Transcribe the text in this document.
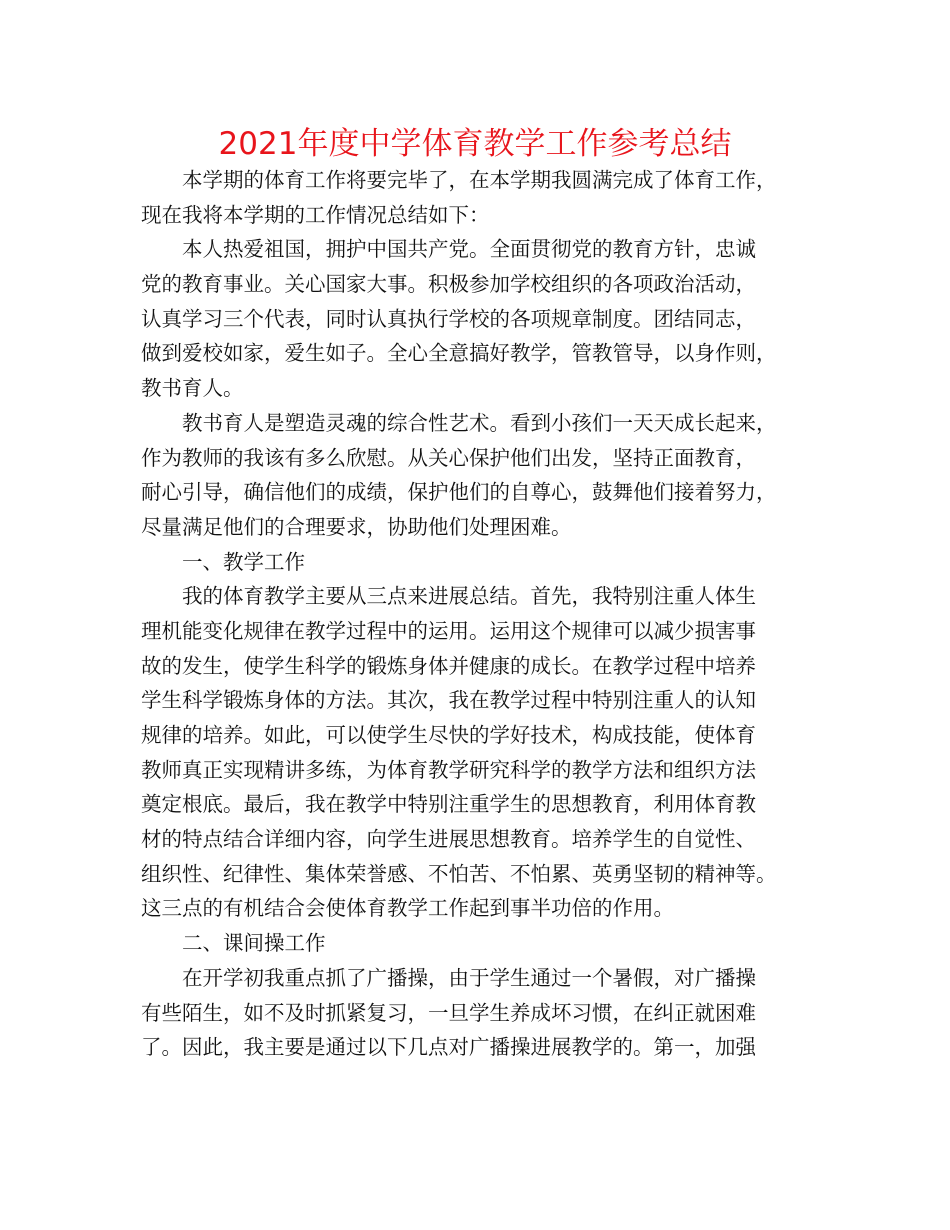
2021年度中学体育教学工作参考总结
本学期的体育工作将要完毕了，在本学期我圆满完成了体育工作，
现在我将本学期的工作情况总结如下：
本人热爱祖国，拥护中国共产党。全面贯彻党的教育方针，忠诚
党的教育事业。关心国家大事。积极参加学校组织的各项政治活动，
认真学习三个代表，同时认真执行学校的各项规章制度。团结同志，
做到爱校如家，爱生如子。全心全意搞好教学，管教管导，以身作则，
教书育人。
教书育人是塑造灵魂的综合性艺术。看到小孩们一天天成长起来，
作为教师的我该有多么欣慰。从关心保护他们出发，坚持正面教育，
耐心引导，确信他们的成绩，保护他们的自尊心，鼓舞他们接着努力，
尽量满足他们的合理要求，协助他们处理困难。
一、教学工作
我的体育教学主要从三点来进展总结。首先，我特别注重人体生
理机能变化规律在教学过程中的运用。运用这个规律可以减少损害事
故的发生，使学生科学的锻炼身体并健康的成长。在教学过程中培养
学生科学锻炼身体的方法。其次，我在教学过程中特别注重人的认知
规律的培养。如此，可以使学生尽快的学好技术，构成技能，使体育
教师真正实现精讲多练，为体育教学研究科学的教学方法和组织方法
奠定根底。最后，我在教学中特别注重学生的思想教育，利用体育教
材的特点结合详细内容，向学生进展思想教育。培养学生的自觉性、
组织性、纪律性、集体荣誉感、不怕苦、不怕累、英勇坚韧的精神等。
这三点的有机结合会使体育教学工作起到事半功倍的作用。
二、课间操工作
在开学初我重点抓了广播操，由于学生通过一个暑假，对广播操
有些陌生，如不及时抓紧复习，一旦学生养成坏习惯，在纠正就困难
了。因此，我主要是通过以下几点对广播操进展教学的。第一，加强
